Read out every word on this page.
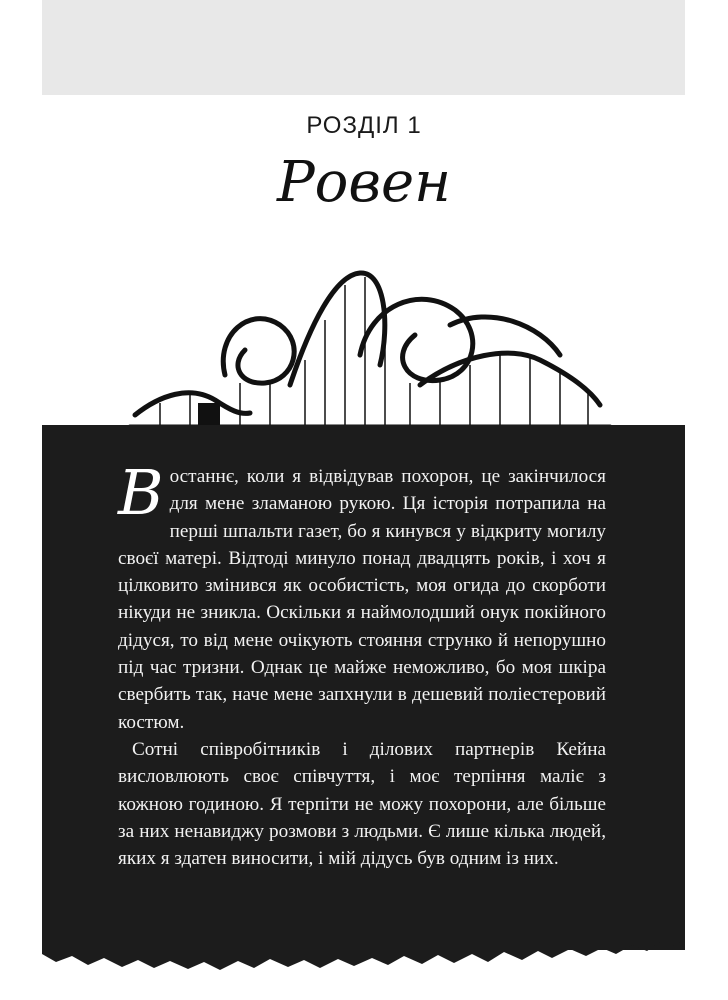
РОЗДІЛ 1
Ровен

В останнє, коли я відвідував похорон, це закінчилося для мене зламаною рукою. Ця історія потрапила на перші шпальти газет, бо я кинувся у відкриту могилу своєї матері. Відтоді минуло понад двадцять років, і хоч я цілковито змінився як особистість, моя огида до скорботи нікуди не зникла. Оскільки я наймолодший онук покійного дідуся, то від мене очікують стояння струнко й непорушно під час тризни. Однак це майже неможливо, бо моя шкіра свербить так, наче мене запхнули в дешевий поліестеровий костюм.

Сотні співробітників і ділових партнерів Кейна висловлюють своє співчуття, і моє терпіння маліє з кожною годиною. Я терпіти не можу похорони, але більше за них ненавиджу розмови з людьми. Є лише кілька людей, яких я здатен виносити, і мій дідусь був одним із них.
